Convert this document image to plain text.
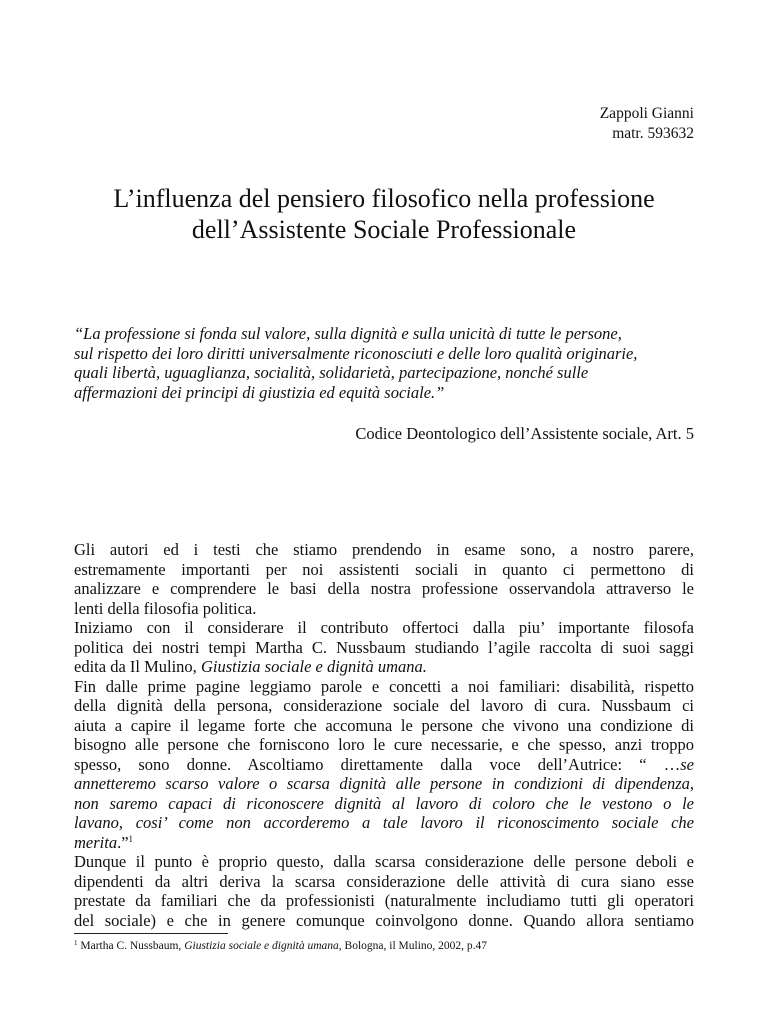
Zappoli Gianni
matr. 593632
L’influenza del pensiero filosofico nella professione
dell’Assistente Sociale Professionale
“La professione si fonda sul valore, sulla dignità e sulla unicità di tutte le persone,
sul rispetto dei loro diritti universalmente riconosciuti e delle loro qualità originarie,
quali libertà, uguaglianza, socialità, solidarietà, partecipazione, nonché sulle
affermazioni dei principi di giustizia ed equità sociale.”
Codice Deontologico dell’Assistente sociale, Art. 5
Gli autori ed i testi che stiamo prendendo in esame sono, a nostro parere,
estremamente importanti per noi assistenti sociali in quanto ci permettono di
analizzare e comprendere le basi della nostra professione osservandola attraverso le
lenti della filosofia politica.
Iniziamo con il considerare il contributo offertoci dalla piu’ importante filosofa
politica dei nostri tempi Martha C. Nussbaum studiando l’agile raccolta di suoi saggi
edita da Il Mulino, Giustizia sociale e dignità umana.
Fin dalle prime pagine leggiamo parole e concetti a noi familiari: disabilità, rispetto
della dignità della persona, considerazione sociale del lavoro di cura. Nussbaum ci
aiuta a capire il legame forte che accomuna le persone che vivono una condizione di
bisogno alle persone che forniscono loro le cure necessarie, e che spesso, anzi troppo
spesso, sono donne. Ascoltiamo direttamente dalla voce dell’Autrice: “ …se
annetteremo scarso valore o scarsa dignità alle persone in condizioni di dipendenza,
non saremo capaci di riconoscere dignità al lavoro di coloro che le vestono o le
lavano, cosi’ come non accorderemo a tale lavoro il riconoscimento sociale che
merita.”$^1$
Dunque il punto è proprio questo, dalla scarsa considerazione delle persone deboli e
dipendenti da altri deriva la scarsa considerazione delle attività di cura siano esse
prestate da familiari che da professionisti (naturalmente includiamo tutti gli operatori
del sociale) e che in genere comunque coinvolgono donne. Quando allora sentiamo
$^1$ Martha C. Nussbaum, Giustizia sociale e dignità umana, Bologna, il Mulino, 2002, p.47
